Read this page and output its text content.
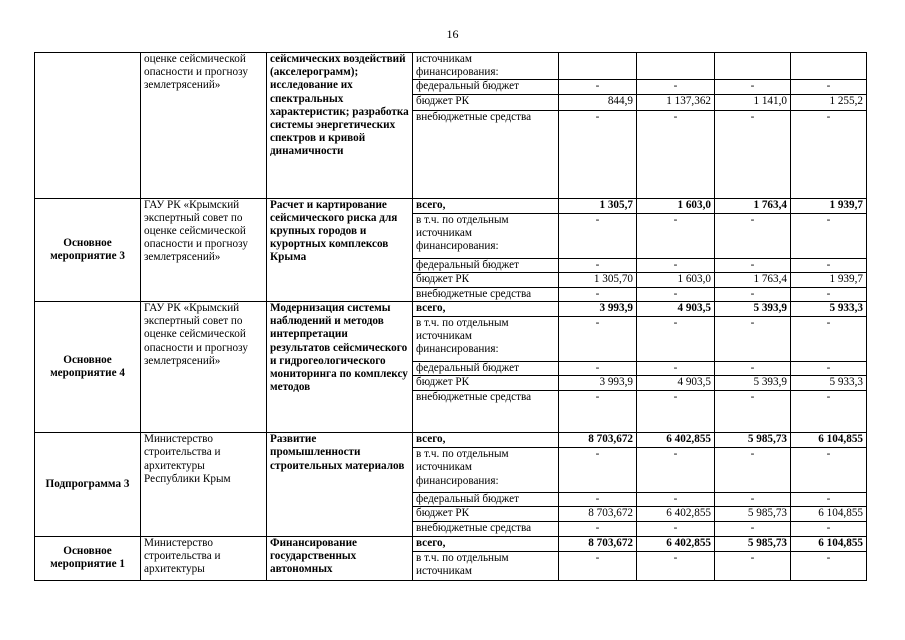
16
	оценке сейсмической опасности и прогнозу землетрясений»	сейсмических воздействий (акселерограмм); исследование их спектральных характеристик; разработка системы энергетических спектров и кривой динамичности	источникам финансирования:				
			федеральный бюджет	-	-	-	-
			бюджет РК	844,9	1 137,362	1 141,0	1 255,2
			внебюджетные средства	-	-	-	-
Основное мероприятие 3	ГАУ РК «Крымский экспертный совет по оценке сейсмической опасности и прогнозу землетрясений»	Расчет и картирование сейсмического риска для крупных городов и курортных комплексов Крыма	всего,	1 305,7	1 603,0	1 763,4	1 939,7
			в т.ч. по отдельным источникам финансирования:	-	-	-	-
			федеральный бюджет	-	-	-	-
			бюджет РК	1 305,70	1 603,0	1 763,4	1 939,7
			внебюджетные средства	-	-	-	-
Основное мероприятие 4	ГАУ РК «Крымский экспертный совет по оценке сейсмической опасности и прогнозу землетрясений»	Модернизация системы наблюдений и методов интерпретации результатов сейсмического и гидрогеологического мониторинга по комплексу методов	всего,	3 993,9	4 903,5	5 393,9	5 933,3
			в т.ч. по отдельным источникам финансирования:	-	-	-	-
			федеральный бюджет	-	-	-	-
			бюджет РК	3 993,9	4 903,5	5 393,9	5 933,3
			внебюджетные средства	-	-	-	-
Подпрограмма 3	Министерство строительства и архитектуры Республики Крым	Развитие промышленности строительных материалов	всего,	8 703,672	6 402,855	5 985,73	6 104,855
			в т.ч. по отдельным источникам финансирования:	-	-	-	-
			федеральный бюджет	-	-	-	-
			бюджет РК	8 703,672	6 402,855	5 985,73	6 104,855
			внебюджетные средства	-	-	-	-
Основное мероприятие 1	Министерство строительства и архитектуры	Финансирование государственных автономных	всего,	8 703,672	6 402,855	5 985,73	6 104,855
			в т.ч. по отдельным источникам	-	-	-	-
